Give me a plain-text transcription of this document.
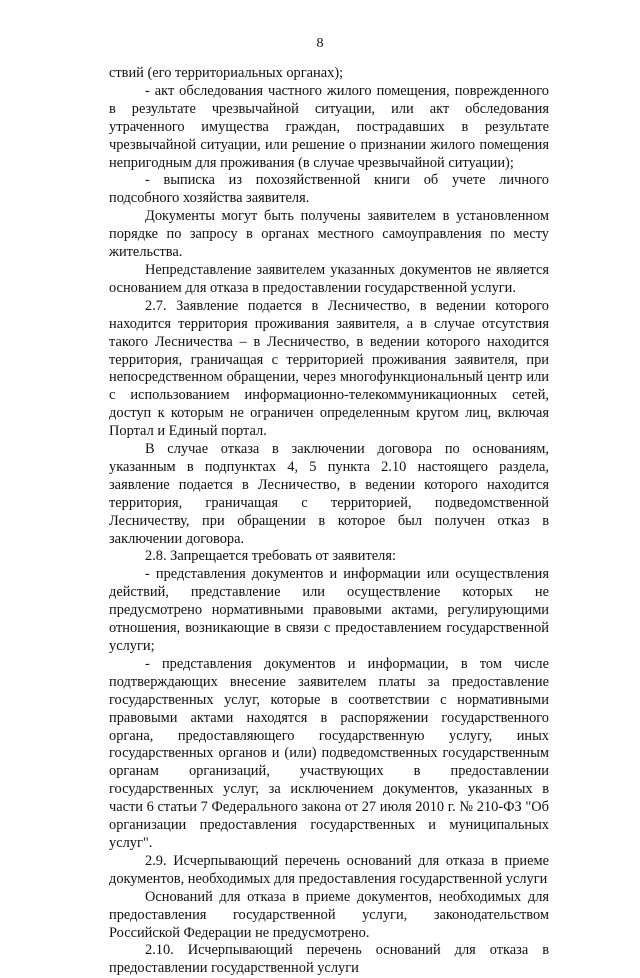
8

ствий (его территориальных органах);

- акт обследования частного жилого помещения, поврежденного в результате чрезвычайной ситуации, или акт обследования утраченного имущества граждан, пострадавших в результате чрезвычайной ситуации, или решение о признании жилого помещения непригодным для проживания (в случае чрезвычайной ситуации);

- выписка из похозяйственной книги об учете личного подсобного хозяйства заявителя.

Документы могут быть получены заявителем в установленном порядке по запросу в органах местного самоуправления по месту жительства.

Непредставление заявителем указанных документов не является основанием для отказа в предоставлении государственной услуги.

2.7. Заявление подается в Лесничество, в ведении которого находится территория проживания заявителя, а в случае отсутствия такого Лесничества – в Лесничество, в ведении которого находится территория, граничащая с территорией проживания заявителя, при непосредственном обращении, через многофункциональный центр или с использованием информационно-телекоммуникационных сетей, доступ к которым не ограничен определенным кругом лиц, включая Портал и Единый портал.

В случае отказа в заключении договора по основаниям, указанным в подпунктах 4, 5 пункта 2.10 настоящего раздела, заявление подается в Лесничество, в ведении которого находится территория, граничащая с территорией, подведомственной Лесничеству, при обращении в которое был получен отказ в заключении договора.

2.8. Запрещается требовать от заявителя:

- представления документов и информации или осуществления действий, представление или осуществление которых не предусмотрено нормативными правовыми актами, регулирующими отношения, возникающие в связи с предоставлением государственной услуги;

- представления документов и информации, в том числе подтверждающих внесение заявителем платы за предоставление государственных услуг, которые в соответствии с нормативными правовыми актами находятся в распоряжении государственного органа, предоставляющего государственную услугу, иных государственных органов и (или) подведомственных государственным органам организаций, участвующих в предоставлении государственных услуг, за исключением документов, указанных в части 6 статьи 7 Федерального закона от 27 июля 2010 г. № 210-ФЗ "Об организации предоставления государственных и муниципальных услуг".

2.9. Исчерпывающий перечень оснований для отказа в приеме документов, необходимых для предоставления государственной услуги

Оснований для отказа в приеме документов, необходимых для предоставления государственной услуги, законодательством Российской Федерации не предусмотрено.

2.10. Исчерпывающий перечень оснований для отказа в предоставлении государственной услуги
